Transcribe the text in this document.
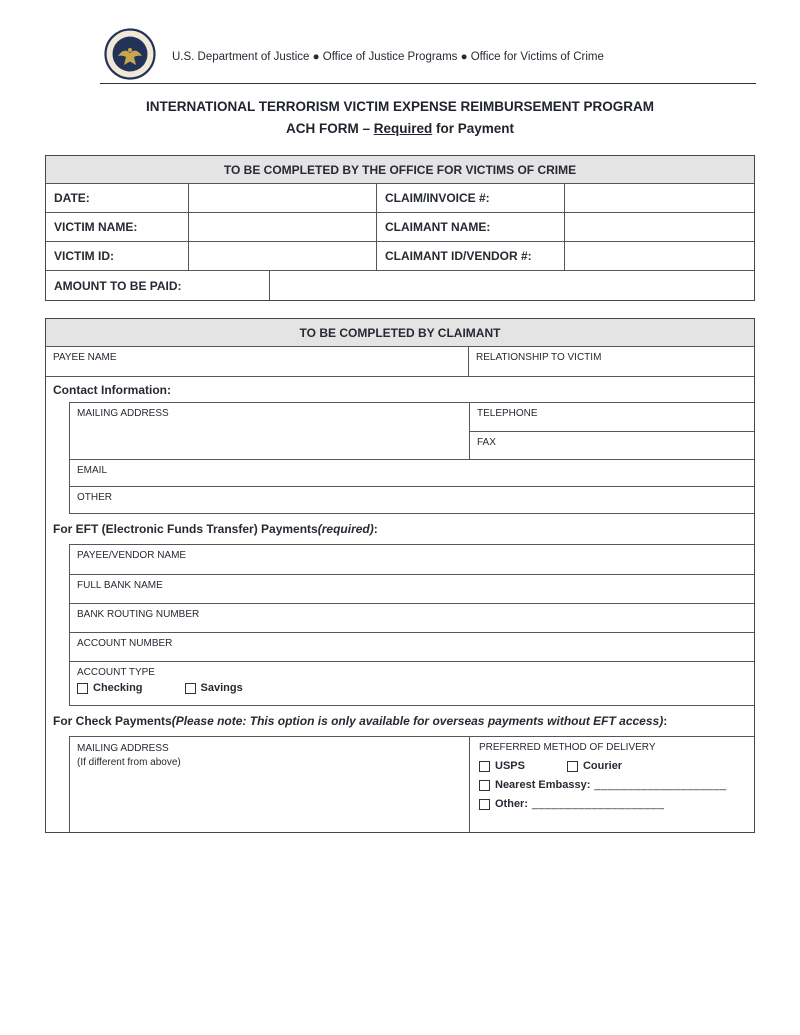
U.S. Department of Justice ● Office of Justice Programs ● Office for Victims of Crime
INTERNATIONAL TERRORISM VICTIM EXPENSE REIMBURSEMENT PROGRAM
ACH FORM – Required for Payment
TO BE COMPLETED BY THE OFFICE FOR VICTIMS OF CRIME
DATE:	CLAIM/INVOICE #:
VICTIM NAME:	CLAIMANT NAME:
VICTIM ID:	CLAIMANT ID/VENDOR #:
AMOUNT TO BE PAID:
TO BE COMPLETED BY CLAIMANT
PAYEE NAME	RELATIONSHIP TO VICTIM
Contact Information:
MAILING ADDRESS	TELEPHONE
FAX
EMAIL
OTHER
For EFT (Electronic Funds Transfer) Payments (required) :
PAYEE/VENDOR NAME
FULL BANK NAME
BANK ROUTING NUMBER
ACCOUNT NUMBER
ACCOUNT TYPE
Checking	Savings
For Check Payments (Please note: This option is only available for overseas payments without EFT access) :
MAILING ADDRESS
(If different from above)
PREFERRED METHOD OF DELIVERY
USPS	Courier
Nearest Embassy: ____________________
Other: ____________________
